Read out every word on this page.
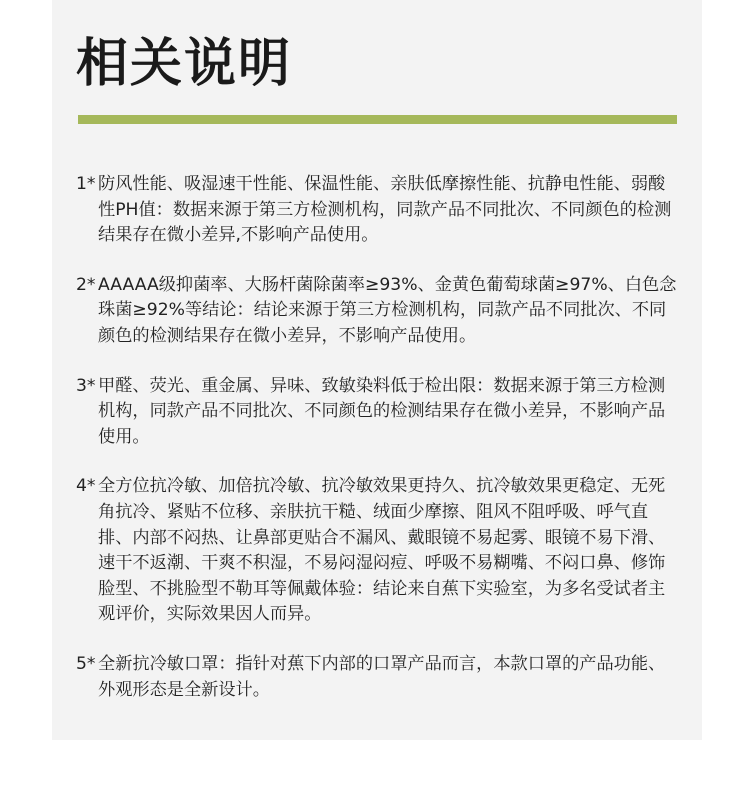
相关说明
1* 防风性能、吸湿速干性能、保温性能、亲肤低摩擦性能、抗静电性能、弱酸性PH值：数据来源于第三方检测机构，同款产品不同批次、不同颜色的检测结果存在微小差异,不影响产品使用。
2* AAAAA级抑菌率、大肠杆菌除菌率≥93%、金黄色葡萄球菌≥97%、白色念珠菌≥92%等结论：结论来源于第三方检测机构，同款产品不同批次、不同颜色的检测结果存在微小差异，不影响产品使用。
3* 甲醛、荧光、重金属、异味、致敏染料低于检出限：数据来源于第三方检测机构，同款产品不同批次、不同颜色的检测结果存在微小差异，不影响产品使用。
4* 全方位抗冷敏、加倍抗冷敏、抗冷敏效果更持久、抗冷敏效果更稳定、无死角抗冷、紧贴不位移、亲肤抗干糙、绒面少摩擦、阻风不阻呼吸、呼气直排、内部不闷热、让鼻部更贴合不漏风、戴眼镜不易起雾、眼镜不易下滑、速干不返潮、干爽不积湿，不易闷湿闷痘、呼吸不易糊嘴、不闷口鼻、修饰脸型、不挑脸型不勒耳等佩戴体验：结论来自蕉下实验室，为多名受试者主观评价，实际效果因人而异。
5* 全新抗冷敏口罩：指针对蕉下内部的口罩产品而言，本款口罩的产品功能、外观形态是全新设计。
